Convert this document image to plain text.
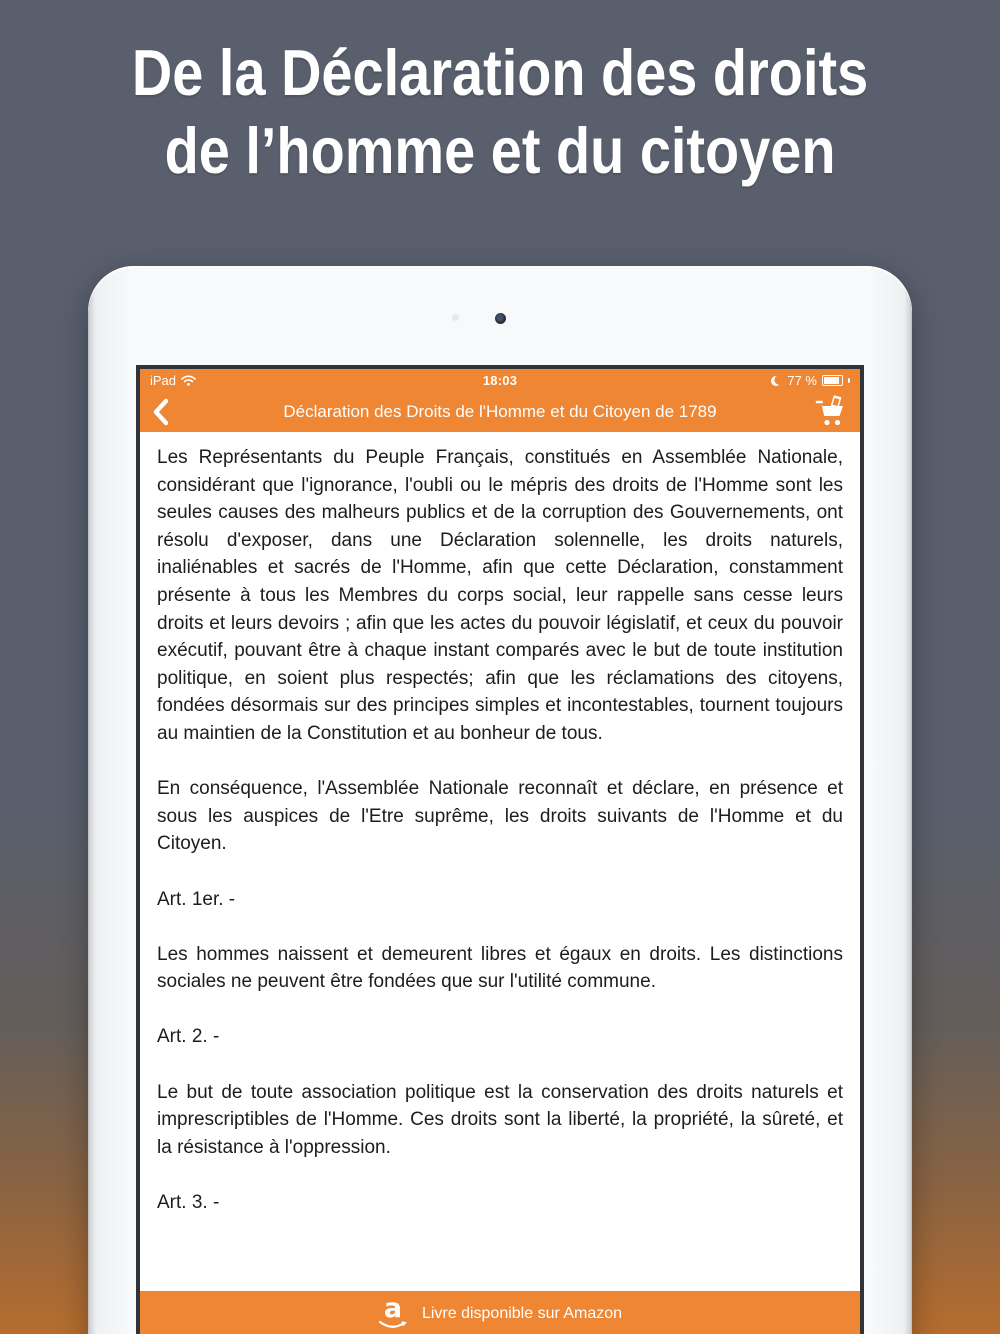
De la Déclaration des droits
de l’homme et du citoyen
iPad	18:03	77 %
Déclaration des Droits de l'Homme et du Citoyen de 1789

Les Représentants du Peuple Français, constitués en Assemblée Nationale, considérant que l'ignorance, l'oubli ou le mépris des droits de l'Homme sont les seules causes des malheurs publics et de la corruption des Gouvernements, ont résolu d'exposer, dans une Déclaration solennelle, les droits naturels, inaliénables et sacrés de l'Homme, afin que cette Déclaration, constamment présente à tous les Membres du corps social, leur rappelle sans cesse leurs droits et leurs devoirs ; afin que les actes du pouvoir législatif, et ceux du pouvoir exécutif, pouvant être à chaque instant comparés avec le but de toute institution politique, en soient plus respectés; afin que les réclamations des citoyens, fondées désormais sur des principes simples et incontestables, tournent toujours au maintien de la Constitution et au bonheur de tous.

En conséquence, l'Assemblée Nationale reconnaît et déclare, en présence et sous les auspices de l'Etre suprême, les droits suivants de l'Homme et du Citoyen.

Art. 1er. -

Les hommes naissent et demeurent libres et égaux en droits. Les distinctions sociales ne peuvent être fondées que sur l'utilité commune.

Art. 2. -

Le but de toute association politique est la conservation des droits naturels et imprescriptibles de l'Homme. Ces droits sont la liberté, la propriété, la sûreté, et la résistance à l'oppression.

Art. 3. -

a	Livre disponible sur Amazon
